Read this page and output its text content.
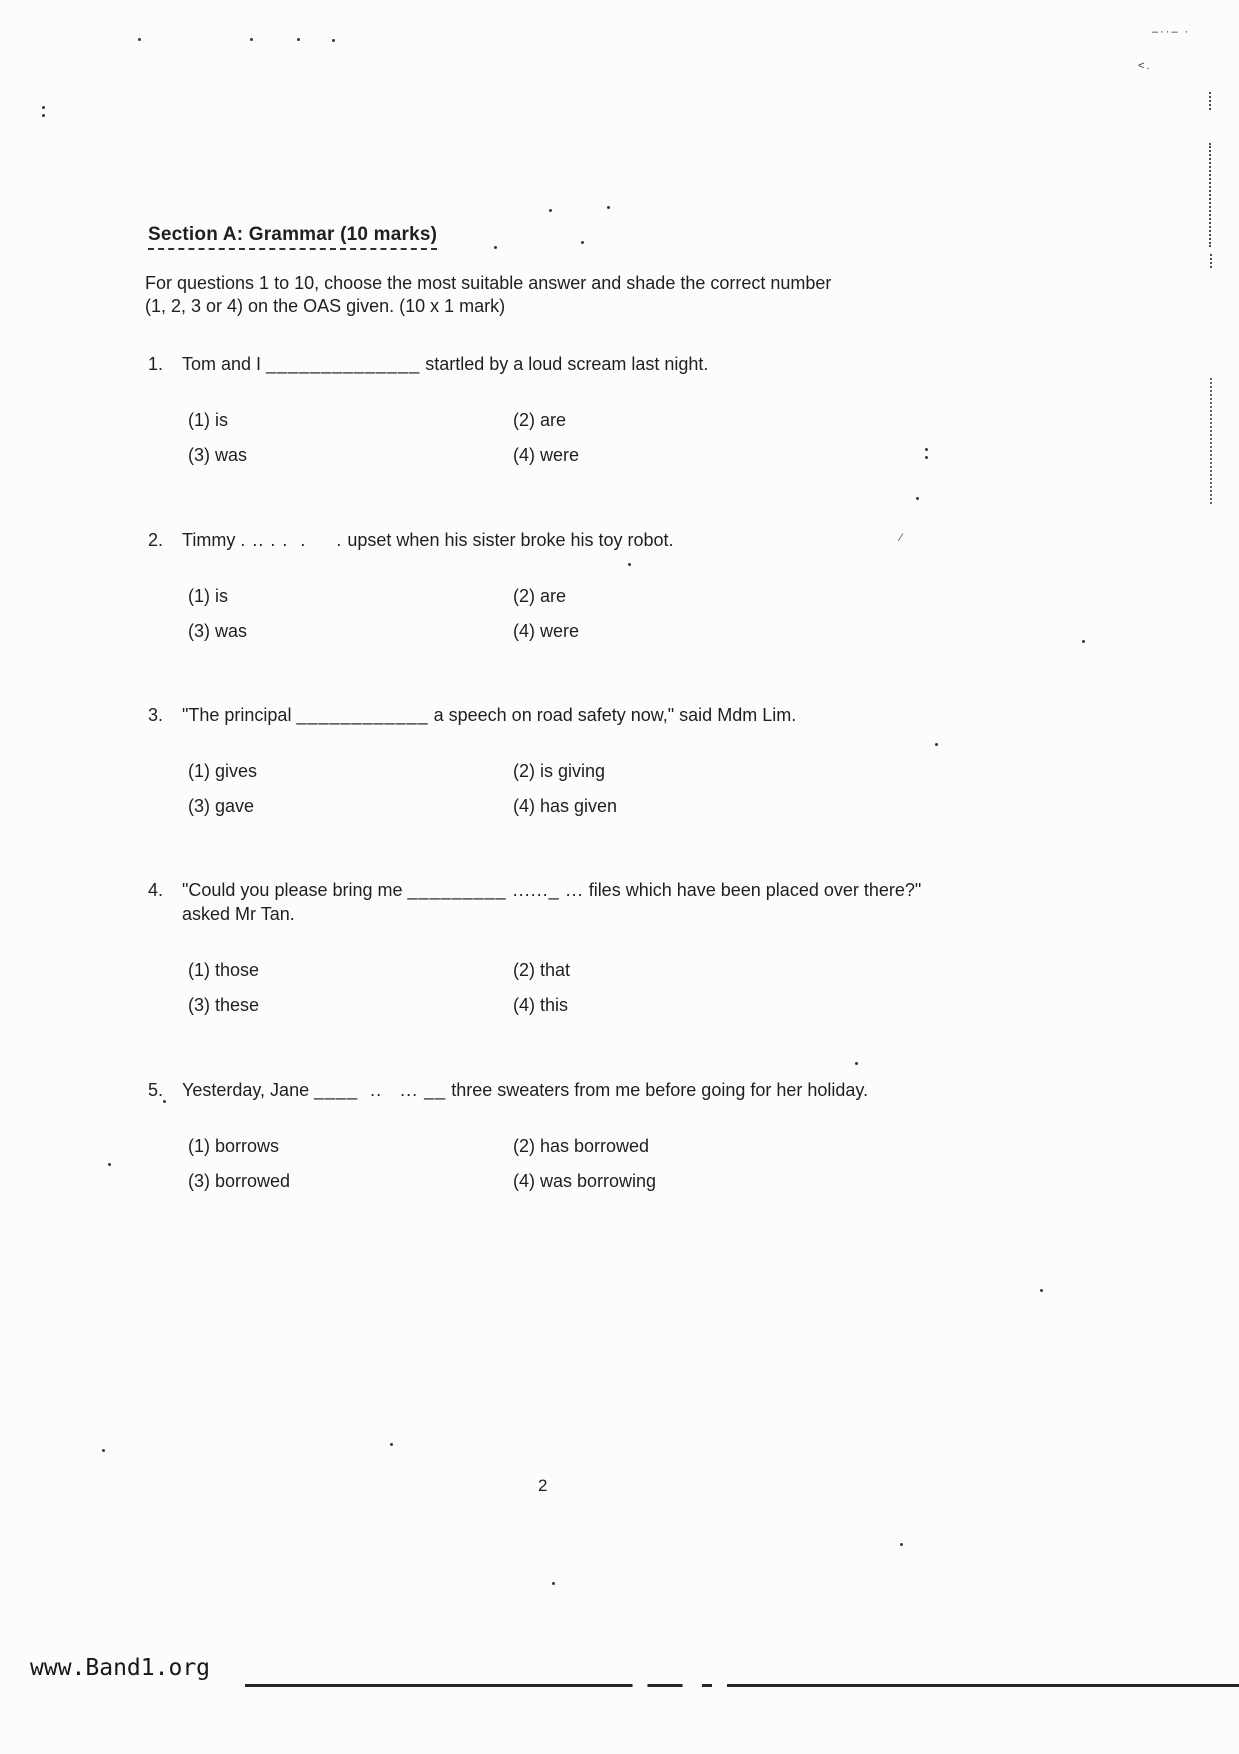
Section A: Grammar (10 marks)
For questions 1 to 10, choose the most suitable answer and shade the correct number
(1, 2, 3 or 4) on the OAS given. (10 x 1 mark)
1.	Tom and I ______________ startled by a loud scream last night.
(1) is	(2) are
(3) was	(4) were
2.	Timmy . .. . .  .     . upset when his sister broke his toy robot.
(1) is	(2) are
(3) was	(4) were
3.	"The principal ____________ a speech on road safety now," said Mdm Lim.
(1) gives	(2) is giving
(3) gave	(4) has given
4.	"Could you please bring me _________ ......_ ... files which have been placed over there?"
asked Mr Tan.
(1) those	(2) that
(3) these	(4) this
5.	Yesterday, Jane ____  ..   ... __ three sweaters from me before going for her holiday.
(1) borrows	(2) has borrowed
(3) borrowed	(4) was borrowing
2
www.Band1.org
–··– ·
<.
⁄
